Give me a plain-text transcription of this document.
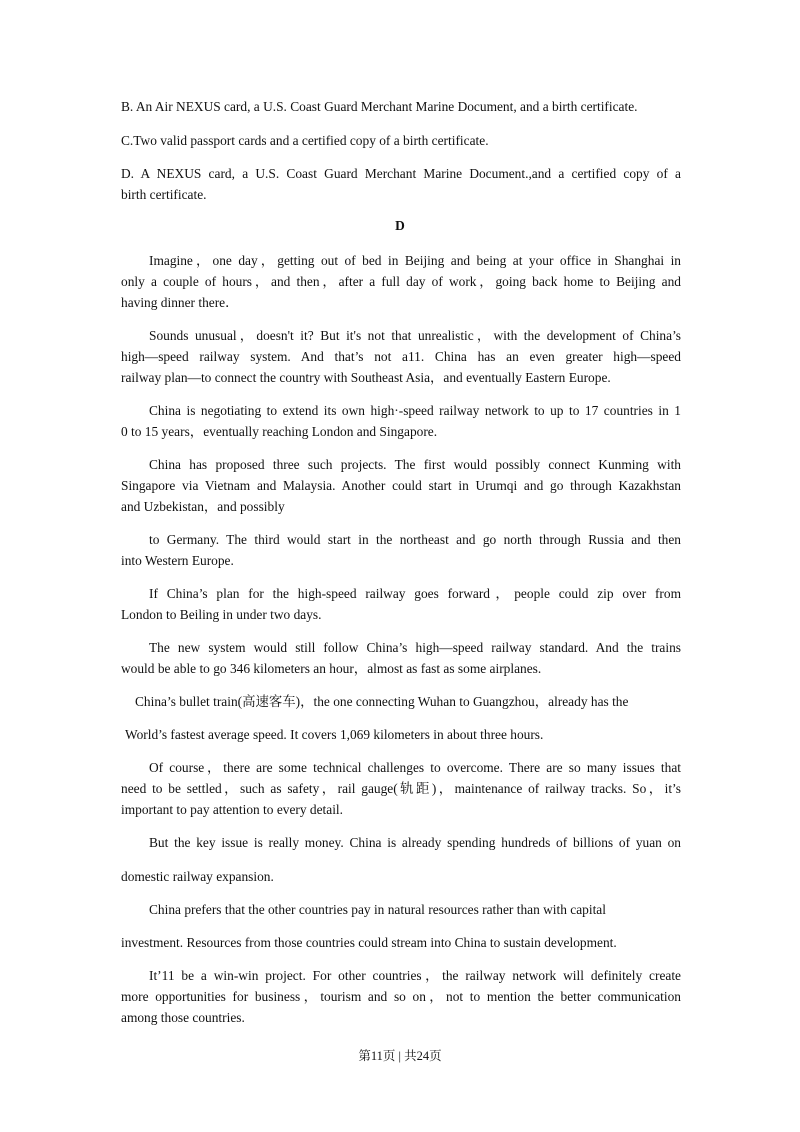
B. An Air NEXUS card, a U.S. Coast Guard Merchant Marine Document, and a birth certificate.
C.Two valid passport cards and a certified copy of a birth certificate.
D. A NEXUS card, a U.S. Coast Guard Merchant Marine Document.,and a certified copy of a
birth certificate.
Imagine，one day，getting out of bed in Beijing and being at your office in Shanghai in
only a couple of hours，and then，after a full day of work，going back home to Beijing and
having dinner there．
Sounds unusual，doesn't it? But it's not that unrealistic，with the development of China’s
high—speed railway system. And that’s not a11. China has an even greater high—speed
railway plan—to connect the country with Southeast Asia，and eventually Eastern Europe.
China is negotiating to extend its own high·-speed railway network to up to 17 countries in 1
0 to 15 years，eventually reaching London and Singapore.
China has proposed three such projects. The first would possibly connect Kunming with
Singapore via Vietnam and Malaysia. Another could start in Urumqi and go through Kazakhstan
and Uzbekistan，and possibly
to Germany. The third would start in the northeast and go north through Russia and then
into Western Europe.
If China’s plan for the high-speed railway goes forward，people could zip over from
London to Beiling in under two days.
The new system would still follow China’s high—speed railway standard. And the trains
would be able to go 346 kilometers an hour，almost as fast as some airplanes.
China’s bullet train(高速客车)，the one connecting Wuhan to Guangzhou，already has the
World’s fastest average speed. It covers 1,069 kilometers in about three hours.
Of course，there are some technical challenges to overcome. There are so many issues that
need to be settled，such as safety，rail gauge(轨距)，maintenance of railway tracks. So，it’s
important to pay attention to every detail.
But the key issue is really money. China is already spending hundreds of billions of yuan on
domestic railway expansion.
China prefers that the other countries pay in natural resources rather than with capital
investment. Resources from those countries could stream into China to sustain development.
It’11 be a win-win project. For other countries，the railway network will definitely create
more opportunities for business，tourism and so on，not to mention the better communication
among those countries.
D
第11页 | 共24页
